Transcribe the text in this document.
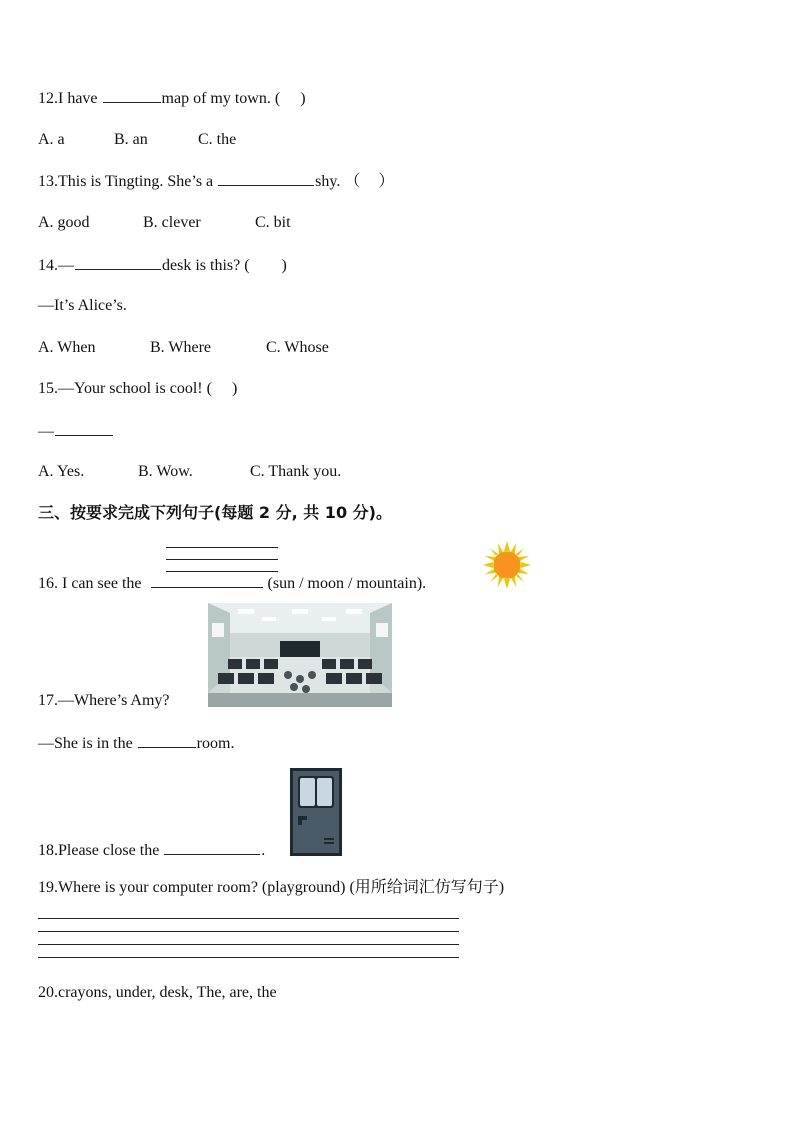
12.I have	map of my town. ( )
A. a	B. an	C. the
13.This is Tingting. She’s a	shy. （ ）
A. good	B. clever	C. bit
14.—	desk is this? ( )
—It’s Alice’s.
A. When	B. Where	C. Whose
15.—Your school is cool! ( )
—
A. Yes.	B. Wow.	C. Thank you.
三、按要求完成下列句子(每题 2 分, 共 10 分)。
16. I can see the	(sun / moon / mountain).
17.—Where’s Amy?
—She is in the	room.
18.Please close the	.
19.Where is your computer room? (playground) (用所给词汇仿写句子)
20.crayons, under, desk, The, are, the
